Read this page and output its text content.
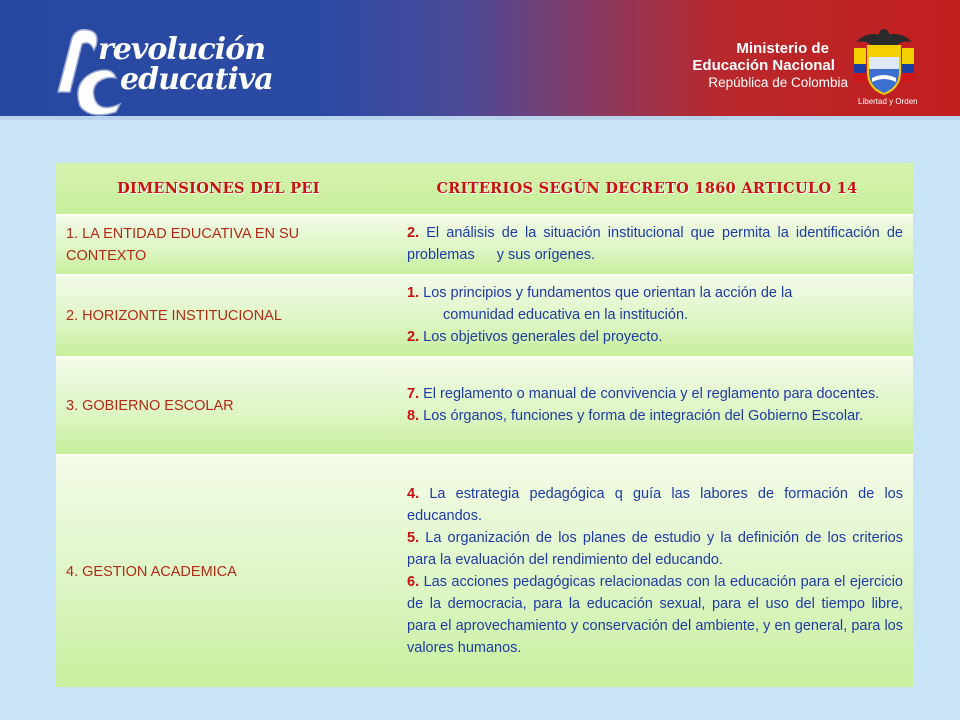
revolución
educativa
Ministerio de
Educación Nacional
República de Colombia
Libertad y Orden
DIMENSIONES DEL PEI	CRITERIOS SEGÚN DECRETO 1860 ARTICULO 14
1. LA ENTIDAD EDUCATIVA EN SU CONTEXTO	2. El análisis de la situación institucional que permita la identificación de problemas y sus orígenes.

2. HORIZONTE INSTITUCIONAL	1. Los principios y fundamentos que orientan la acción de la

comunidad educativa en la institución.

2. Los objetivos generales del proyecto.

3. GOBIERNO ESCOLAR	7. El reglamento o manual de convivencia y el reglamento para docentes.

8. Los órganos, funciones y forma de integración del Gobierno Escolar.

4. GESTION ACADEMICA	4. La estrategia pedagógica q guía las labores de formación de los educandos.

5. La organización de los planes de estudio y la definición de los criterios para la evaluación del rendimiento del educando.

6. Las acciones pedagógicas relacionadas con la educación para el ejercicio de la democracia, para la educación sexual, para el uso del tiempo libre, para el aprovechamiento y conservación del ambiente, y en general, para los valores humanos.
